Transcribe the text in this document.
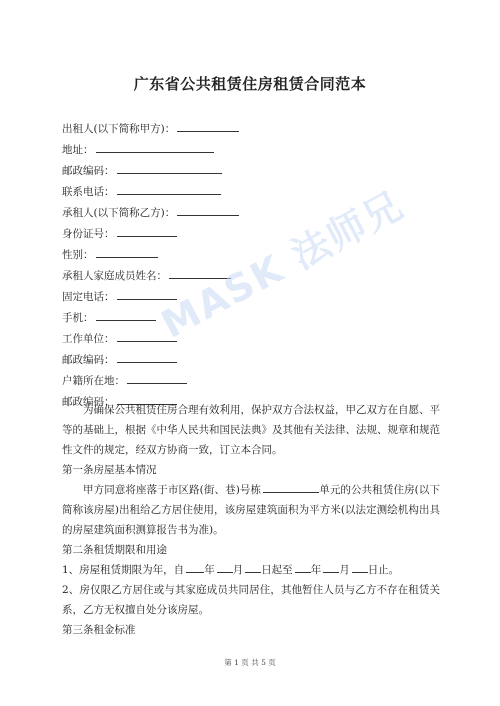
广东省公共租赁住房租赁合同范本
出租人(以下简称甲方)：
地址：
邮政编码：
联系电话：
承租人(以下简称乙方)：
身份证号：
性别：
承租人家庭成员姓名：
固定电话：
手机：
工作单位：
邮政编码：
户籍所在地：
邮政编码：
为确保公共租赁住房合理有效利用，保护双方合法权益，甲乙双方在自愿、平等的基础上，根据《中华人民共和国民法典》及其他有关法律、法规、规章和规范性文件的规定，经双方协商一致，订立本合同。
第一条房屋基本情况
甲方同意将座落于市区路(街、巷)号栋	单元的公共租赁住房(以下简称该房屋)出租给乙方居住使用，该房屋建筑面积为平方米(以法定测绘机构出具的房屋建筑面积测算报告书为准)。
第二条租赁期限和用途
1、房屋租赁期限为年，自 年 月 日起至 年 月 日止。
2、房仅限乙方居住或与其家庭成员共同居住，其他暂住人员与乙方不存在租赁关系，乙方无权擅自处分该房屋。
第三条租金标准
MASK 法师兄
第 1 页 共 5 页
